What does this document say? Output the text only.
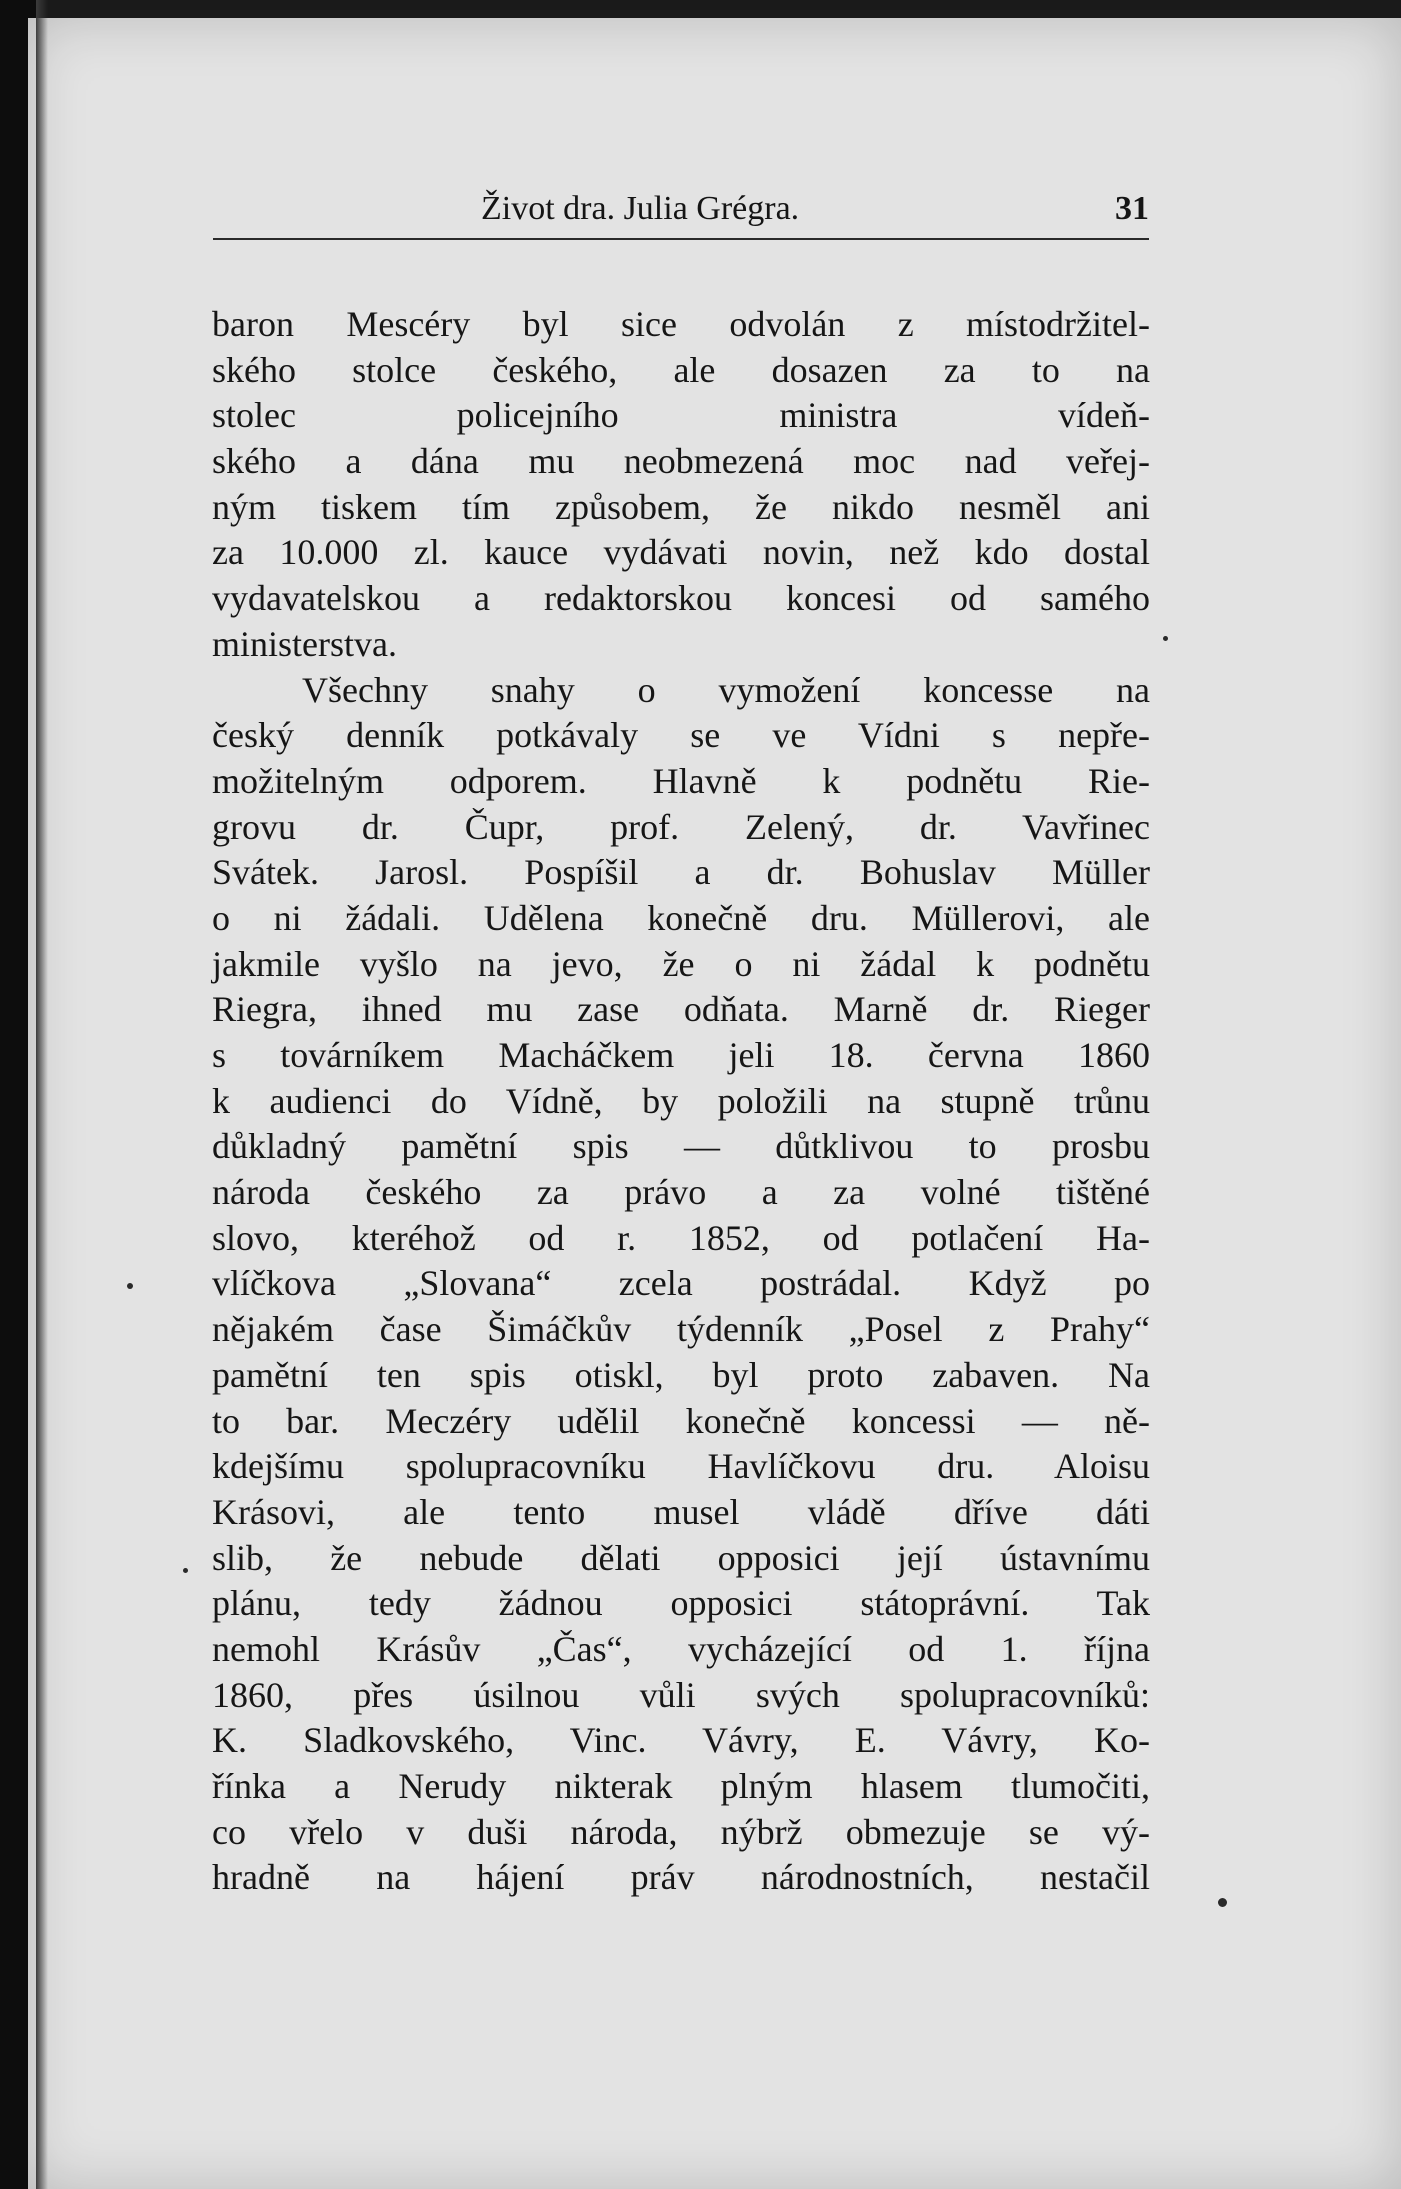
Život dra. Julia Grégra.	31
baron Mescéry byl sice odvolán z místodržitel-
ského stolce českého, ale dosazen za to na
stolec policejního ministra vídeň-
ského a dána mu neobmezená moc nad veřej-
ným tiskem tím způsobem, že nikdo nesměl ani
za 10.000 zl. kauce vydávati novin, než kdo dostal
vydavatelskou a redaktorskou koncesi od samého
ministerstva.
Všechny snahy o vymožení koncesse na
český denník potkávaly se ve Vídni s nepře-
možitelným odporem. Hlavně k podnětu Rie-
grovu dr. Čupr, prof. Zelený, dr. Vavřinec
Svátek. Jarosl. Pospíšil a dr. Bohuslav Müller
o ni žádali. Udělena konečně dru. Müllerovi, ale
jakmile vyšlo na jevo, že o ni žádal k podnětu
Riegra, ihned mu zase odňata. Marně dr. Rieger
s továrníkem Macháčkem jeli 18. června 1860
k audienci do Vídně, by položili na stupně trůnu
důkladný pamětní spis — důtklivou to prosbu
národa českého za právo a za volné tištěné
slovo, kteréhož od r. 1852, od potlačení Ha-
vlíčkova „Slovana“ zcela postrádal. Když po
nějakém čase Šimáčkův týdenník „Posel z Prahy“
pamětní ten spis otiskl, byl proto zabaven. Na
to bar. Meczéry udělil konečně koncessi — ně-
kdejšímu spolupracovníku Havlíčkovu dru. Aloisu
Krásovi, ale tento musel vládě dříve dáti
slib, že nebude dělati opposici její ústavnímu
plánu, tedy žádnou opposici státoprávní. Tak
nemohl Krásův „Čas“, vycházející od 1. října
1860, přes úsilnou vůli svých spolupracovníků:
K. Sladkovského, Vinc. Vávry, E. Vávry, Ko-
řínka a Nerudy nikterak plným hlasem tlumočiti,
co vřelo v duši národa, nýbrž obmezuje se vý-
hradně na hájení práv národnostních, nestačil
